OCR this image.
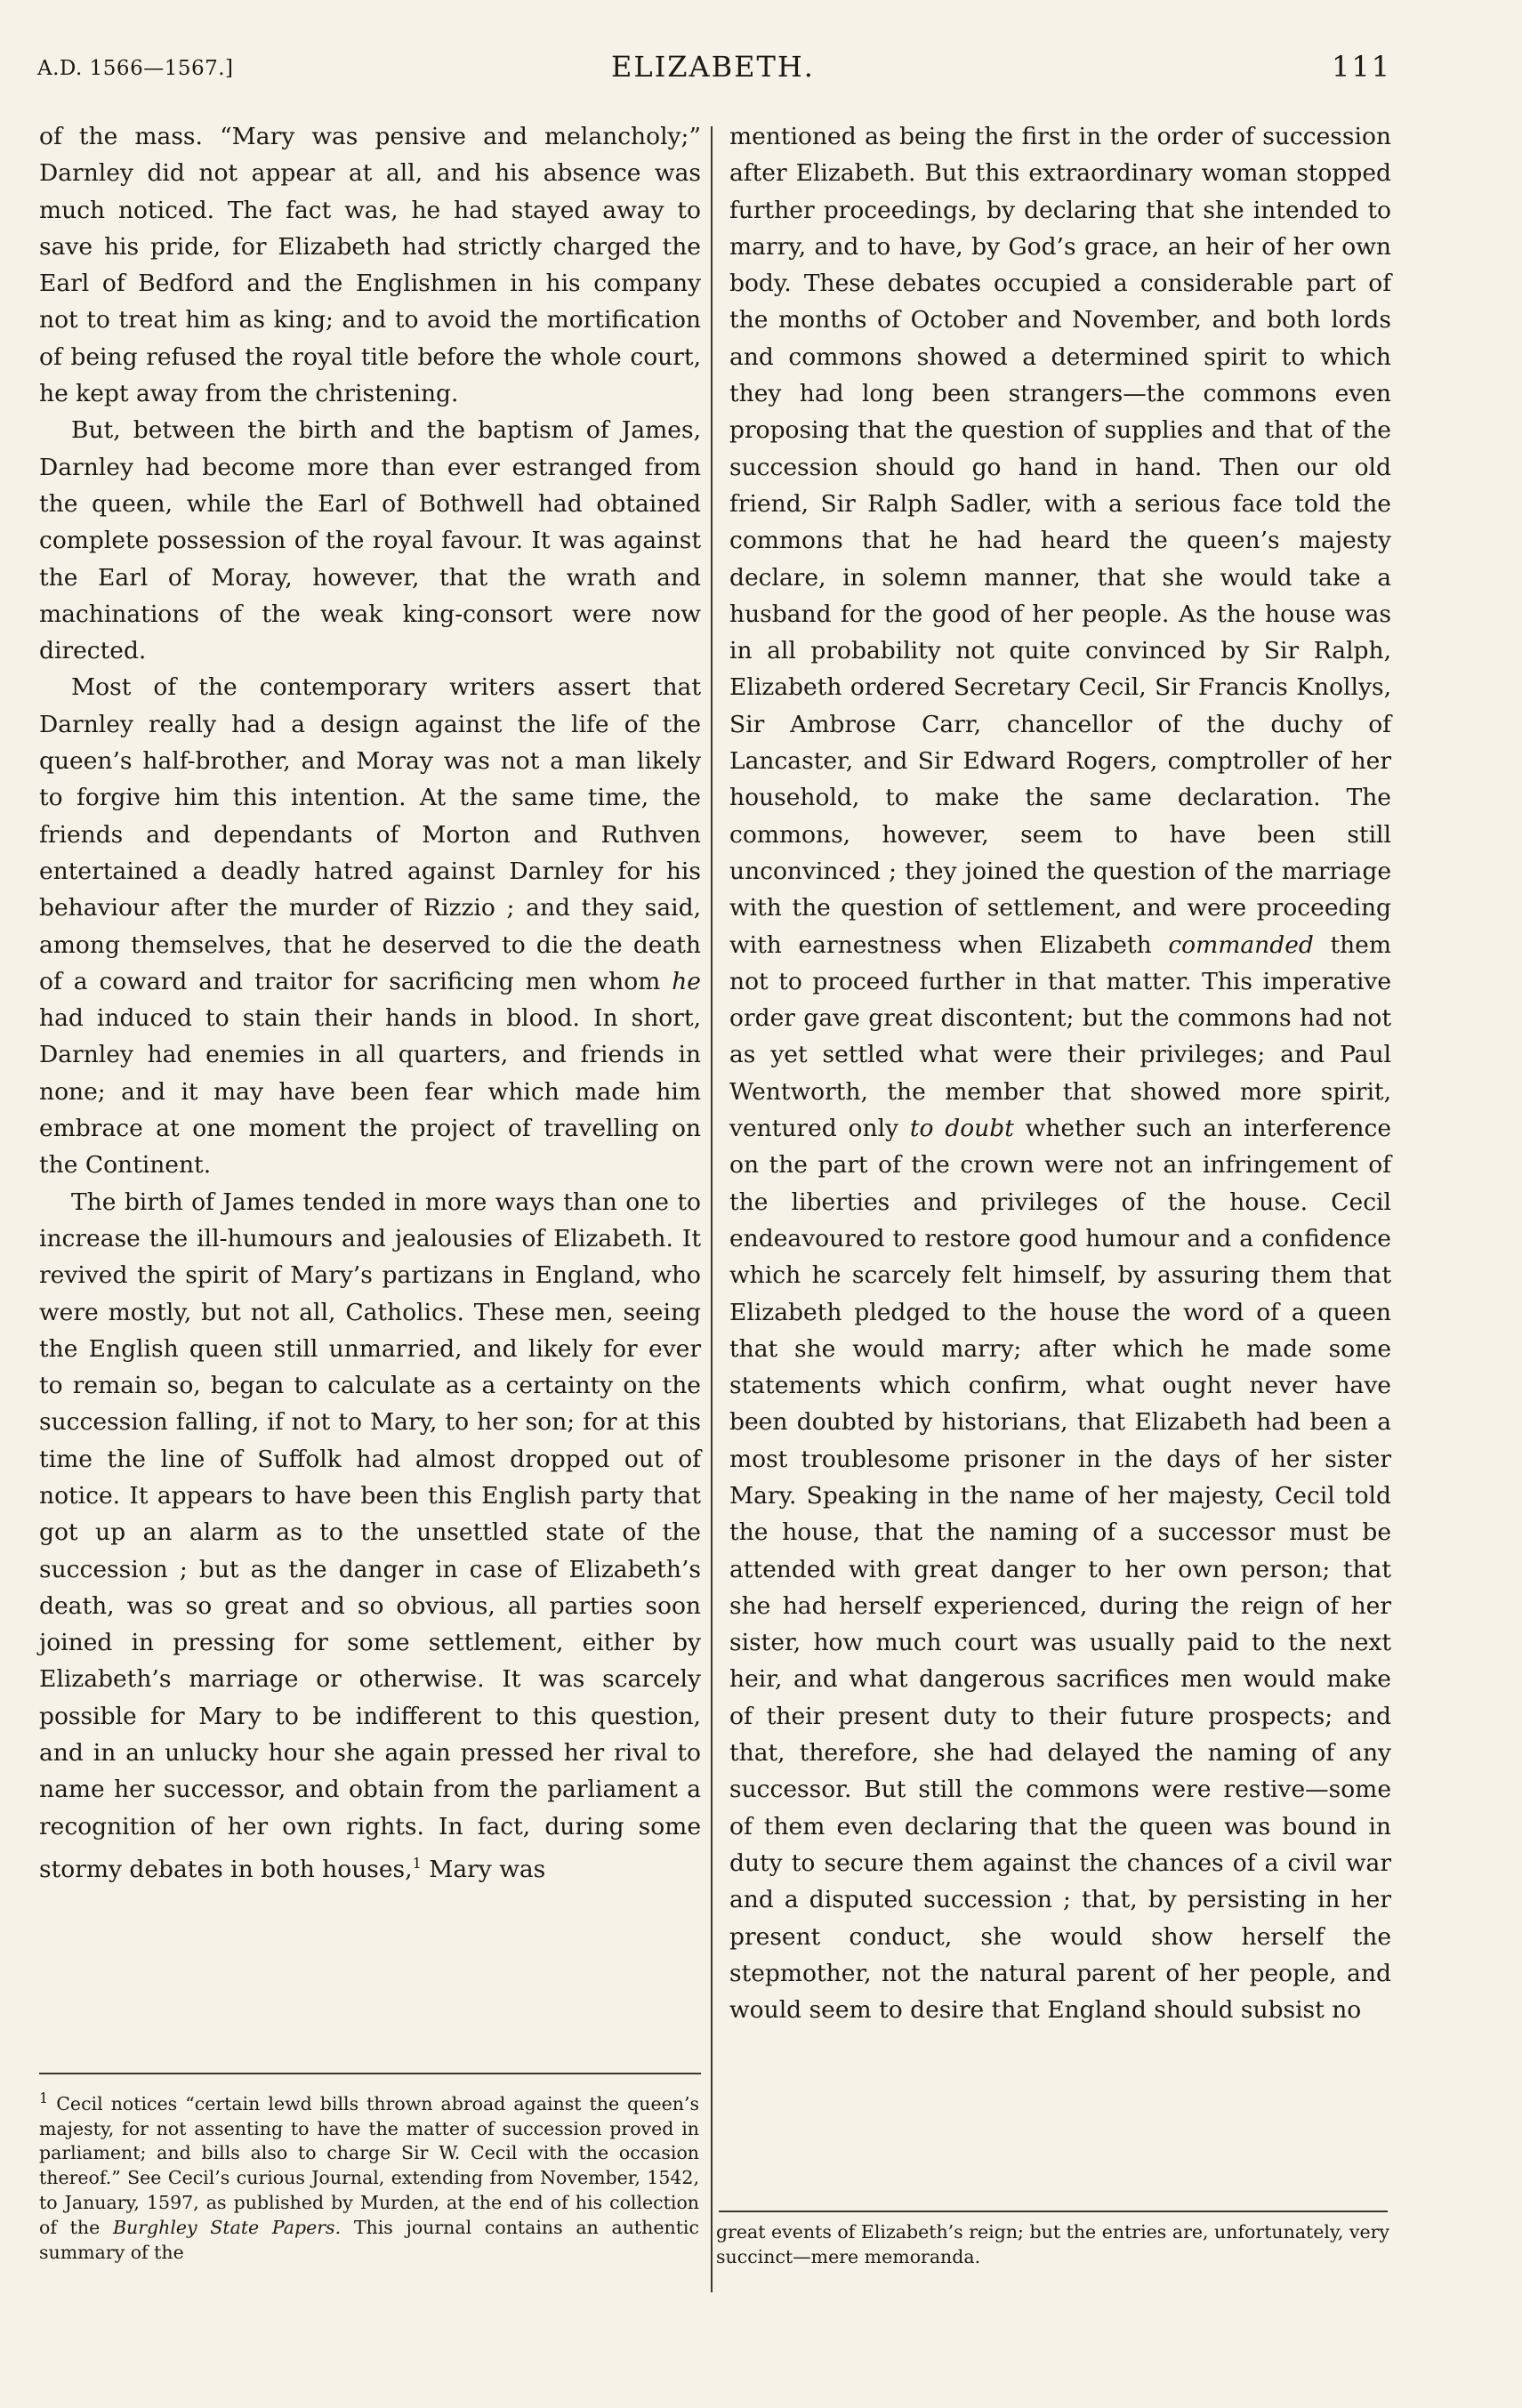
A.D. 1566—1567.]	ELIZABETH.	111

of the mass. “Mary was pensive and melancholy;” Darnley did not appear at all, and his absence was much noticed. The fact was, he had stayed away to save his pride, for Elizabeth had strictly charged the Earl of Bedford and the Englishmen in his company not to treat him as king; and to avoid the mortification of being refused the royal title before the whole court, he kept away from the christening.

But, between the birth and the baptism of James, Darnley had become more than ever estranged from the queen, while the Earl of Bothwell had obtained complete possession of the royal favour. It was against the Earl of Moray, however, that the wrath and machinations of the weak king-consort were now directed.

Most of the contemporary writers assert that Darnley really had a design against the life of the queen’s half-brother, and Moray was not a man likely to forgive him this intention. At the same time, the friends and dependants of Morton and Ruthven entertained a deadly hatred against Darnley for his behaviour after the murder of Rizzio ; and they said, among themselves, that he deserved to die the death of a coward and traitor for sacrificing men whom he had induced to stain their hands in blood. In short, Darnley had enemies in all quarters, and friends in none; and it may have been fear which made him embrace at one moment the project of travelling on the Continent.

The birth of James tended in more ways than one to increase the ill-humours and jealousies of Elizabeth. It revived the spirit of Mary’s partizans in England, who were mostly, but not all, Catholics. These men, seeing the English queen still unmarried, and likely for ever to remain so, began to calculate as a certainty on the succession falling, if not to Mary, to her son; for at this time the line of Suffolk had almost dropped out of notice. It appears to have been this English party that got up an alarm as to the unsettled state of the succession ; but as the danger in case of Elizabeth’s death, was so great and so obvious, all parties soon joined in pressing for some settlement, either by Elizabeth’s marriage or otherwise. It was scarcely possible for Mary to be indifferent to this question, and in an unlucky hour she again pressed her rival to name her successor, and obtain from the parliament a recognition of her own rights. In fact, during some stormy debates in both houses,$^1$ Mary was

mentioned as being the first in the order of succession after Elizabeth. But this extraordinary woman stopped further proceedings, by declaring that she intended to marry, and to have, by God’s grace, an heir of her own body. These debates occupied a considerable part of the months of October and November, and both lords and commons showed a determined spirit to which they had long been strangers—the commons even proposing that the question of supplies and that of the succession should go hand in hand. Then our old friend, Sir Ralph Sadler, with a serious face told the commons that he had heard the queen’s majesty declare, in solemn manner, that she would take a husband for the good of her people. As the house was in all probability not quite convinced by Sir Ralph, Elizabeth ordered Secretary Cecil, Sir Francis Knollys, Sir Ambrose Carr, chancellor of the duchy of Lancaster, and Sir Edward Rogers, comptroller of her household, to make the same declaration. The commons, however, seem to have been still unconvinced ; they joined the question of the marriage with the question of settlement, and were proceeding with earnestness when Elizabeth commanded them not to proceed further in that matter. This imperative order gave great discontent; but the commons had not as yet settled what were their privileges; and Paul Wentworth, the member that showed more spirit, ventured only to doubt whether such an interference on the part of the crown were not an infringement of the liberties and privileges of the house. Cecil endeavoured to restore good humour and a confidence which he scarcely felt himself, by assuring them that Elizabeth pledged to the house the word of a queen that she would marry; after which he made some statements which confirm, what ought never have been doubted by historians, that Elizabeth had been a most troublesome prisoner in the days of her sister Mary. Speaking in the name of her majesty, Cecil told the house, that the naming of a successor must be attended with great danger to her own person; that she had herself experienced, during the reign of her sister, how much court was usually paid to the next heir, and what dangerous sacrifices men would make of their present duty to their future prospects; and that, therefore, she had delayed the naming of any successor. But still the commons were restive—some of them even declaring that the queen was bound in duty to secure them against the chances of a civil war and a disputed succession ; that, by persisting in her present conduct, she would show herself the stepmother, not the natural parent of her people, and would seem to desire that England should subsist no

$^1$ Cecil notices “certain lewd bills thrown abroad against the queen’s majesty, for not assenting to have the matter of succession proved in parliament; and bills also to charge Sir W. Cecil with the occasion thereof.” See Cecil’s curious Journal, extending from November, 1542, to January, 1597, as published by Murden, at the end of his collection of the Burghley State Papers. This journal contains an authentic summary of the

great events of Elizabeth’s reign; but the entries are, unfortunately, very succinct—mere memoranda.
